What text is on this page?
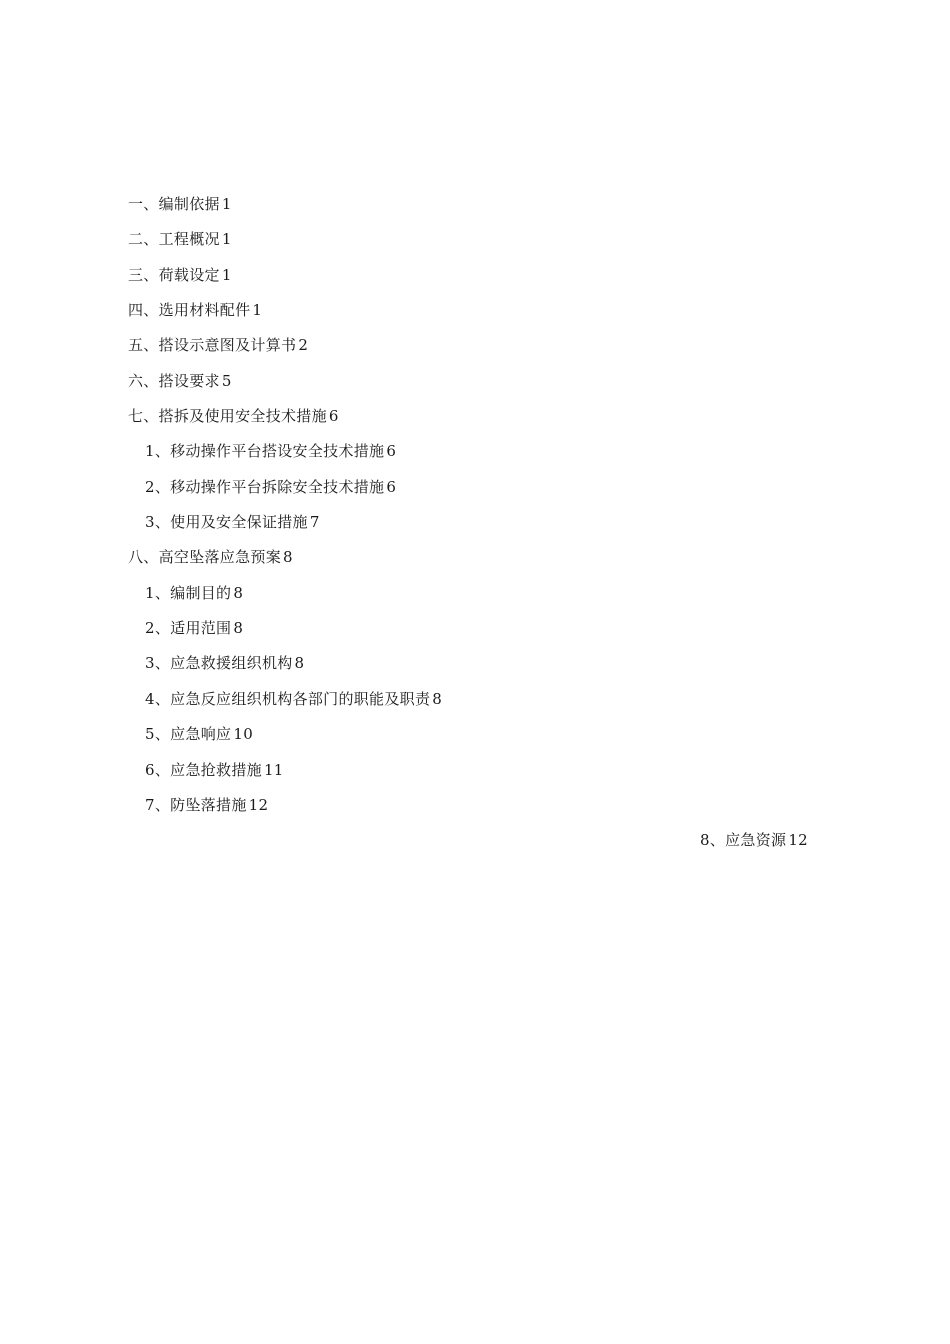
一、编制依据 1
二、工程概况 1
三、荷载设定 1
四、选用材料配件 1
五、搭设示意图及计算书 2
六、搭设要求 5
七、搭拆及使用安全技术措施 6
1、移动操作平台搭设安全技术措施 6
2、移动操作平台拆除安全技术措施 6
3、使用及安全保证措施 7
八、高空坠落应急预案 8
1、编制目的 8
2、适用范围 8
3、应急救援组织机构 8
4、应急反应组织机构各部门的职能及职责 8
5、应急响应 10
6、应急抢救措施 11
7、防坠落措施 12
8、应急资源 12
